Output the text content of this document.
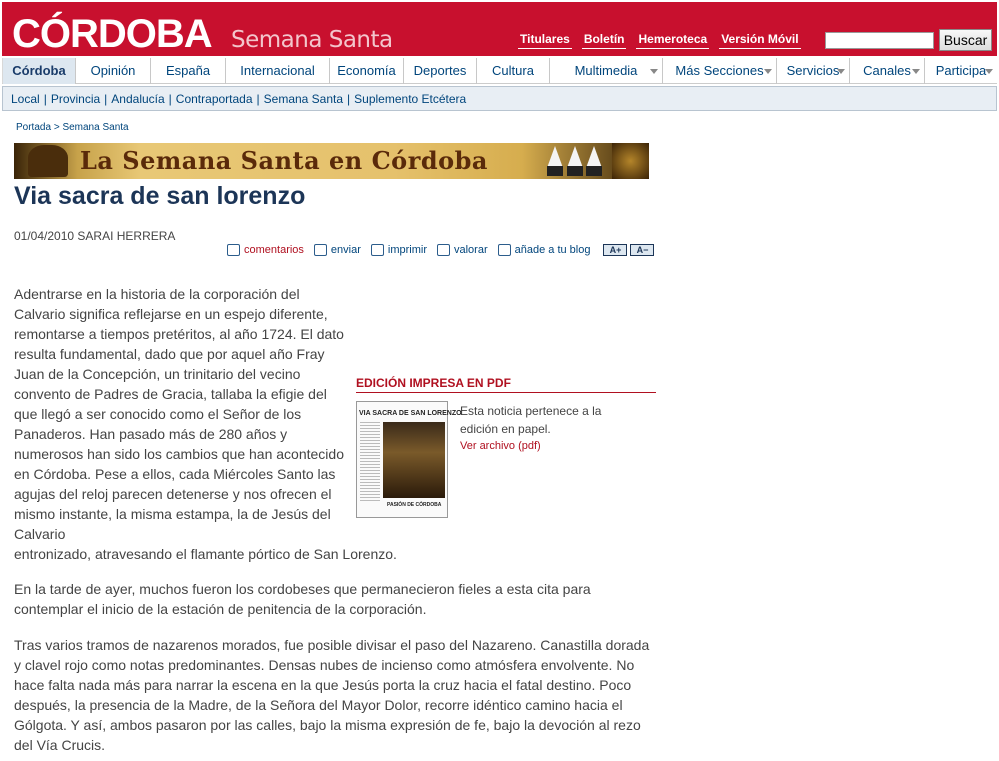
CÓRDOBA Semana Santa	Titulares Boletín Hemeroteca Versión Móvil	Buscar
Córdoba	Opinión	España	Internacional	Economía	Deportes	Cultura	Multimedia	Más Secciones	Servicios	Canales	Participa
Local | Provincia | Andalucía | Contraportada | Semana Santa | Suplemento Etcétera
Portada > Semana Santa
La Semana Santa en Córdoba
Via sacra de san lorenzo
01/04/2010 SARAI HERRERA
comentarios enviar imprimir valorar añade a tu blog	A+	A−

Adentrarse en la historia de la corporación del Calvario significa reflejarse en un espejo diferente, remontarse a tiempos pretéritos, al año 1724. El dato resulta fundamental, dado que por aquel año Fray Juan de la Concepción, un trinitario del vecino convento de Padres de Gracia, tallaba la efigie del que llegó a ser conocido como el Señor de los Panaderos. Han pasado más de 280 años y numerosos han sido los cambios que han acontecido en Córdoba. Pese a ellos, cada Miércoles Santo las agujas del reloj parecen detenerse y nos ofrecen el mismo instante, la misma estampa, la de Jesús del Calvario

entronizado, atravesando el flamante pórtico de San Lorenzo.

En la tarde de ayer, muchos fueron los cordobeses que permanecieron fieles a esta cita para contemplar el inicio de la estación de penitencia de la corporación.

Tras varios tramos de nazarenos morados, fue posible divisar el paso del Nazareno. Canastilla dorada y clavel rojo como notas predominantes. Densas nubes de incienso como atmósfera envolvente. No hace falta nada más para narrar la escena en la que Jesús porta la cruz hacia el fatal destino. Poco después, la presencia de la Madre, de la Señora del Mayor Dolor, recorre idéntico camino hacia el Gólgota. Y así, ambos pasaron por las calles, bajo la misma expresión de fe, bajo la devoción al rezo del Vía Crucis.

EDICIÓN IMPRESA EN PDF
VIA SACRA DE SAN LORENZO
PASIÓN DE CÓRDOBA
Esta noticia pertenece a la edición en papel.
Ver archivo (pdf)
